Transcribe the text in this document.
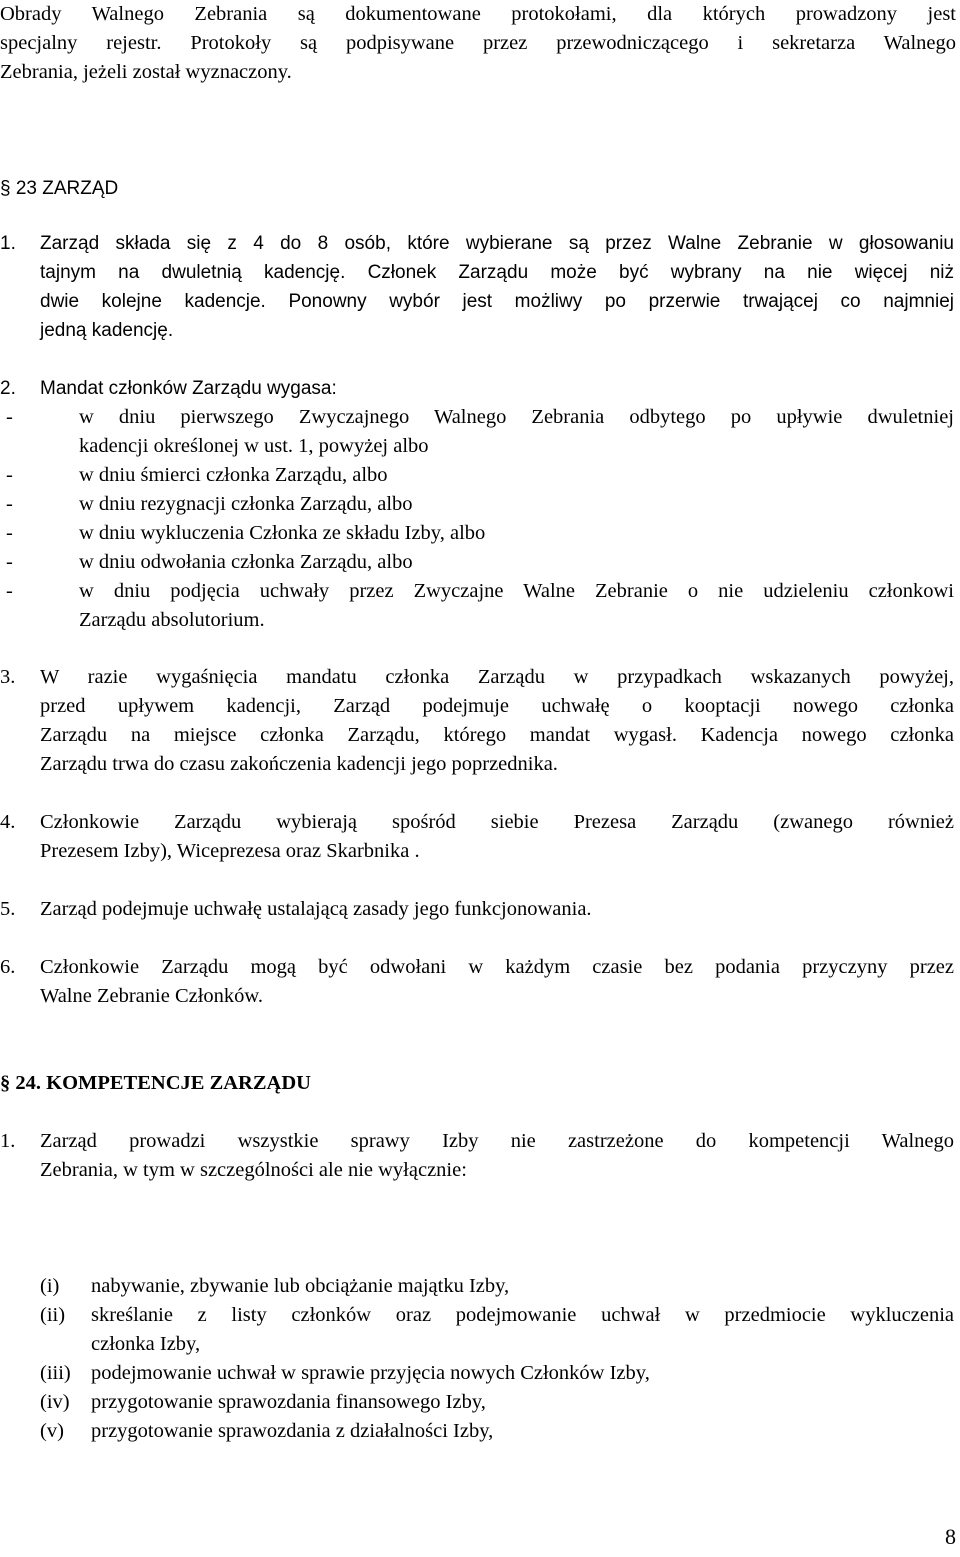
Obrady Walnego Zebrania są dokumentowane protokołami, dla których prowadzony jest
specjalny rejestr. Protokoły są podpisywane przez przewodniczącego i sekretarza Walnego
Zebrania, jeżeli został wyznaczony.
§ 23 ZARZĄD
1. Zarząd składa się z 4 do 8 osób, które wybierane są przez Walne Zebranie w głosowaniu
tajnym na dwuletnią kadencję. Członek Zarządu może być wybrany na nie więcej niż
dwie kolejne kadencje. Ponowny wybór jest możliwy po przerwie trwającej co najmniej
jedną kadencję.
2. Mandat członków Zarządu wygasa:
-	w dniu pierwszego Zwyczajnego Walnego Zebrania odbytego po upływie dwuletniej
kadencji określonej w ust. 1, powyżej albo
-	w dniu śmierci członka Zarządu, albo
-	w dniu rezygnacji członka Zarządu, albo
-	w dniu wykluczenia Członka ze składu Izby, albo
-	w dniu odwołania członka Zarządu, albo
-	w dniu podjęcia uchwały przez Zwyczajne Walne Zebranie o nie udzieleniu członkowi
Zarządu absolutorium.
3. W razie wygaśnięcia mandatu członka Zarządu w przypadkach wskazanych powyżej,
przed upływem kadencji, Zarząd podejmuje uchwałę o kooptacji nowego członka
Zarządu na miejsce członka Zarządu, którego mandat wygasł. Kadencja nowego członka
Zarządu trwa do czasu zakończenia kadencji jego poprzednika.
4. Członkowie Zarządu wybierają spośród siebie Prezesa Zarządu (zwanego również
Prezesem Izby), Wiceprezesa oraz Skarbnika .
5. Zarząd podejmuje uchwałę ustalającą zasady jego funkcjonowania.
6. Członkowie Zarządu mogą być odwołani w każdym czasie bez podania przyczyny przez
Walne Zebranie Członków.
§ 24. KOMPETENCJE ZARZĄDU
1. Zarząd prowadzi wszystkie sprawy Izby nie zastrzeżone do kompetencji Walnego
Zebrania, w tym w szczególności ale nie wyłącznie:
(i) nabywanie, zbywanie lub obciążanie majątku Izby,
(ii) skreślanie z listy członków oraz podejmowanie uchwał w przedmiocie wykluczenia
członka Izby,
(iii) podejmowanie uchwał w sprawie przyjęcia nowych Członków Izby,
(iv) przygotowanie sprawozdania finansowego Izby,
(v) przygotowanie sprawozdania z działalności Izby,
8
